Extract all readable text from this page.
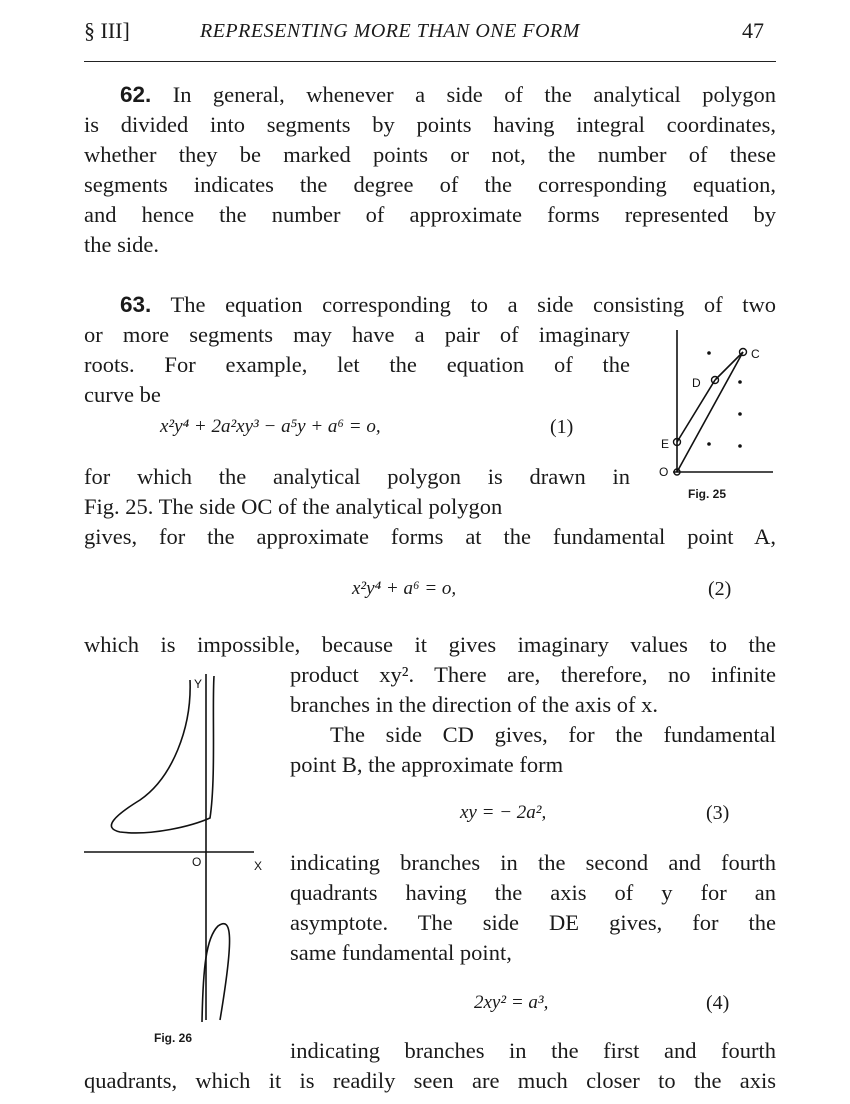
§ III]	REPRESENTING MORE THAN ONE FORM	47
62. In general, whenever a side of the analytical polygon
is divided into segments by points having integral coordinates,
whether they be marked points or not, the number of these
segments indicates the degree of the corresponding equation,
and hence the number of approximate forms represented by
the side.
63. The equation corresponding to a side consisting of two
or more segments may have a pair of imaginary
roots. For example, let the equation of the
curve be
x²y⁴ + 2a²xy³ − a⁵y + a⁶ = o,	(1)
for which the analytical polygon is drawn in
Fig. 25. The side OC of the analytical polygon
gives, for the approximate forms at the fundamental point A,
x²y⁴ + a⁶ = o,	(2)
which is impossible, because it gives imaginary values to the
product xy². There are, therefore, no infinite
branches in the direction of the axis of x.
The side CD gives, for the fundamental
point B, the approximate form
xy = − 2a²,	(3)
indicating branches in the second and fourth
quadrants having the axis of y for an
asymptote. The side DE gives, for the
same fundamental point,
2xy² = a³,	(4)
indicating branches in the first and fourth
quadrants, which it is readily seen are much closer to the axis
C
D
E
O
Fig. 25
Y
O	X
Fig. 26
